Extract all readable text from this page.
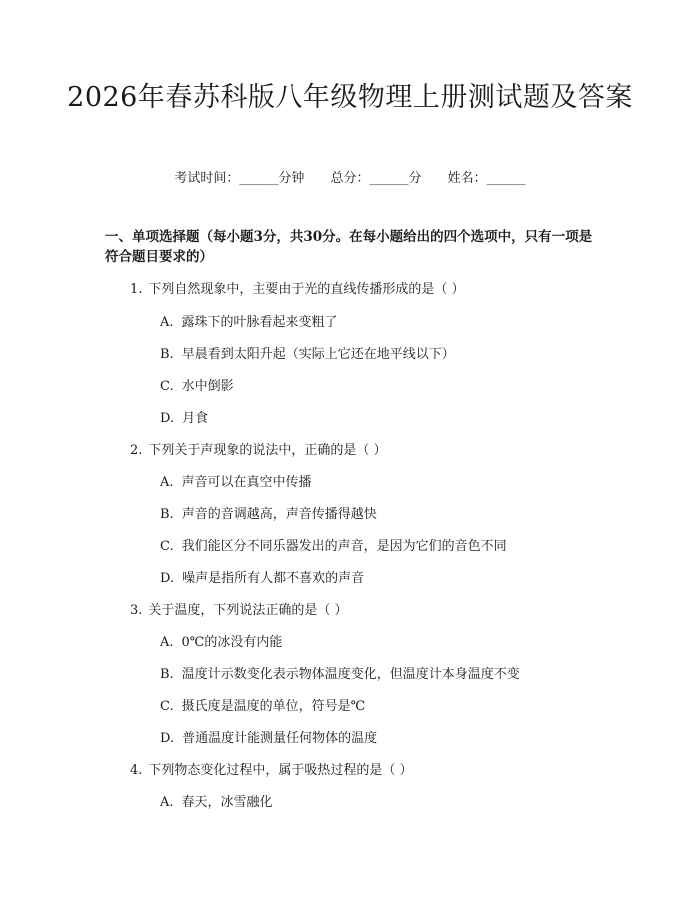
2026年春苏科版八年级物理上册测试题及答案
考试时间：______分钟 总分：______分 姓名：______

一、单项选择题（每小题3分，共30分。在每小题给出的四个选项中，只有一项是符合题目要求的）

1. 下列自然现象中，主要由于光的直线传播形成的是（ ）
A. 露珠下的叶脉看起来变粗了
B. 早晨看到太阳升起（实际上它还在地平线以下）
C. 水中倒影
D. 月食
2. 下列关于声现象的说法中，正确的是（ ）
A. 声音可以在真空中传播
B. 声音的音调越高，声音传播得越快
C. 我们能区分不同乐器发出的声音，是因为它们的音色不同
D. 噪声是指所有人都不喜欢的声音
3. 关于温度，下列说法正确的是（ ）
A. 0℃的冰没有内能
B. 温度计示数变化表示物体温度变化，但温度计本身温度不变
C. 摄氏度是温度的单位，符号是℃
D. 普通温度计能测量任何物体的温度
4. 下列物态变化过程中，属于吸热过程的是（ ）
A. 春天，冰雪融化
